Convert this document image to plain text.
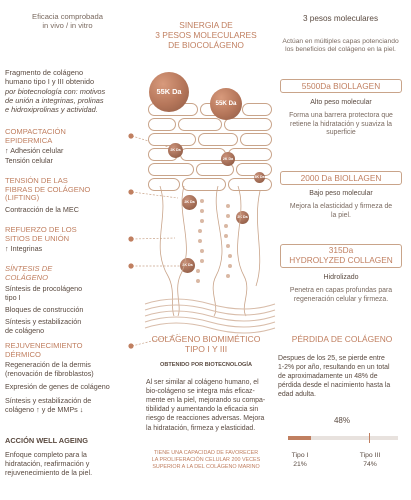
Eficacia comprobada
in vivo / in vitro
Fragmento de colágeno
humano tipo I y III obtenido
por biotecnología con: motivos
de unión a integrinas, prolinas
e hidroxiprolinas y actividad.
COMPACTACIÓN
EPIDERMICA
↑ Adhesión celular
Tensión celular
TENSIÓN DE LAS
FIBRAS DE COLÁGENO
(LIFTING)
Contracción de la MEC
REFUERZO DE LOS
SITIOS DE UNIÓN
↑ Integrinas
SÍNTESIS DE
COLÁGENO
Síntesis de procolágeno
tipo I
Bloques de construcción
Síntesis y estabilización
de colágeno
REJUVENECIMIENTO
DÉRMICO
Regeneración de la dermis
(renovación de fibroblastos)
Expresión de genes de colágeno
Síntesis y estabilización de
colágeno ↑ y de MMPs ↓
ACCIÓN WELL AGEING
Enfoque completo para la
hidratación, reafirmación y
rejuvenecimiento de la piel.
SINERGIA DE
3 PESOS MOLECULARES
DE BIOCOLÁGENO
55K Da
55K Da
2K Da
2K Da
3K Da
2K Da
2K Da
2K Da
COLÁGENO BIOMIMÉTICO
TIPO I Y III
OBTENIDO POR BIOTECNOLOGÍA
Al ser similar al colágeno humano, el
bio-colágeno se integra más eficaz-
mente en la piel, mejorando su compa-
tibilidad y aumentando la eficacia sin
riesgo de reacciones adversas. Mejora
la hidratación, firmeza y elasticidad.
TIENE UNA CAPACIDAD DE FAVORECER
LA PROLIFERACIÓN CELULAR 200 VECES
SUPERIOR A LA DEL COLÁGENO MARINO
3 pesos moleculares
Actúan en múltiples capas potenciando
los beneficios del colágeno en la piel.
5500Da BIOLLAGEN
Alto peso molecular
Forma una barrera protectora que
retiene la hidratación y suaviza la
superficie
2000 Da BIOLLAGEN
Bajo peso molecular
Mejora la elasticidad y firmeza de
la piel.
315Da
HYDROLYZED COLLAGEN
Hidrolizado
Penetra en capas profundas para
regeneración celular y firmeza.
PÉRDIDA DE COLÁGENO
Despues de los 25, se pierde entre
1-2% por año, resultando en un total
de aproximadamente un 48% de
pérdida desde el nacimiento hasta la
edad adulta.
48%
Tipo I
21%
Tipo III
74%
